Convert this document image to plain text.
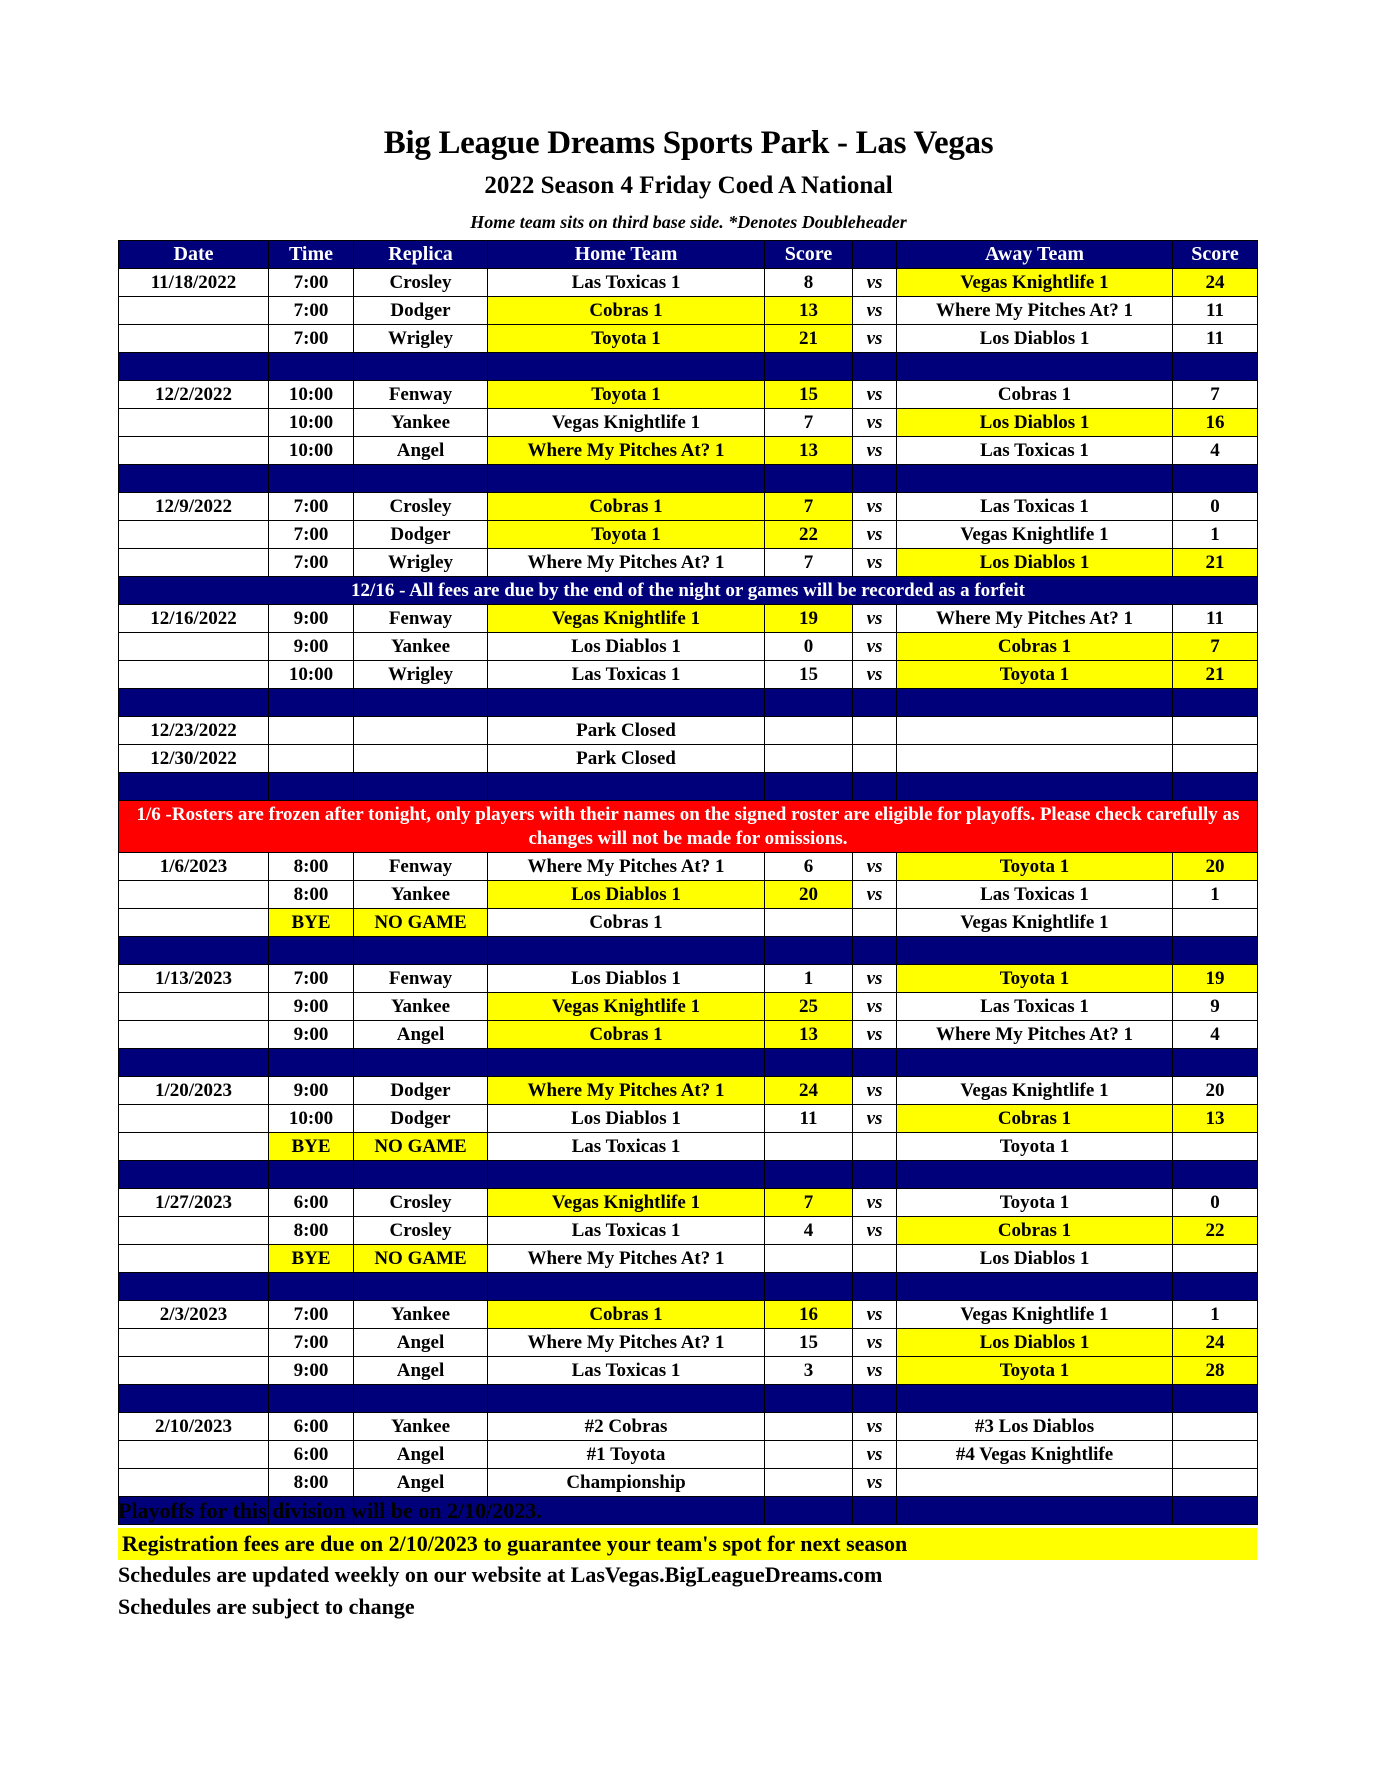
Big League Dreams Sports Park - Las Vegas
2022 Season 4 Friday Coed A National
Home team sits on third base side. *Denotes Doubleheader
Date	Time	Replica	Home Team	Score		Away Team	Score
11/18/2022	7:00	Crosley	Las Toxicas 1	8	vs	Vegas Knightlife 1	24
	7:00	Dodger	Cobras 1	13	vs	Where My Pitches At? 1	11
	7:00	Wrigley	Toyota 1	21	vs	Los Diablos 1	11

12/2/2022	10:00	Fenway	Toyota 1	15	vs	Cobras 1	7
	10:00	Yankee	Vegas Knightlife 1	7	vs	Los Diablos 1	16
	10:00	Angel	Where My Pitches At? 1	13	vs	Las Toxicas 1	4

12/9/2022	7:00	Crosley	Cobras 1	7	vs	Las Toxicas 1	0
	7:00	Dodger	Toyota 1	22	vs	Vegas Knightlife 1	1
	7:00	Wrigley	Where My Pitches At? 1	7	vs	Los Diablos 1	21
12/16 - All fees are due by the end of the night or games will be recorded as a forfeit							
12/16/2022	9:00	Fenway	Vegas Knightlife 1	19	vs	Where My Pitches At? 1	11
	9:00	Yankee	Los Diablos 1	0	vs	Cobras 1	7
	10:00	Wrigley	Las Toxicas 1	15	vs	Toyota 1	21

12/23/2022			Park Closed				
12/30/2022			Park Closed				

1/6 -Rosters are frozen after tonight, only players with their names on the signed roster are eligible for playoffs. Please check carefully as changes will not be made for omissions.							
1/6/2023	8:00	Fenway	Where My Pitches At? 1	6	vs	Toyota 1	20
	8:00	Yankee	Los Diablos 1	20	vs	Las Toxicas 1	1
	BYE	NO GAME	Cobras 1			Vegas Knightlife 1	

1/13/2023	7:00	Fenway	Los Diablos 1	1	vs	Toyota 1	19
	9:00	Yankee	Vegas Knightlife 1	25	vs	Las Toxicas 1	9
	9:00	Angel	Cobras 1	13	vs	Where My Pitches At? 1	4

1/20/2023	9:00	Dodger	Where My Pitches At? 1	24	vs	Vegas Knightlife 1	20
	10:00	Dodger	Los Diablos 1	11	vs	Cobras 1	13
	BYE	NO GAME	Las Toxicas 1			Toyota 1	

1/27/2023	6:00	Crosley	Vegas Knightlife 1	7	vs	Toyota 1	0
	8:00	Crosley	Las Toxicas 1	4	vs	Cobras 1	22
	BYE	NO GAME	Where My Pitches At? 1			Los Diablos 1	

2/3/2023	7:00	Yankee	Cobras 1	16	vs	Vegas Knightlife 1	1
	7:00	Angel	Where My Pitches At? 1	15	vs	Los Diablos 1	24
	9:00	Angel	Las Toxicas 1	3	vs	Toyota 1	28

2/10/2023	6:00	Yankee	#2 Cobras		vs	#3 Los Diablos	
	6:00	Angel	#1 Toyota		vs	#4 Vegas Knightlife	
	8:00	Angel	Championship		vs		

Playoffs for this division will be on 2/10/2023.
Registration fees are due on 2/10/2023 to guarantee your team's spot for next season
Schedules are updated weekly on our website at LasVegas.BigLeagueDreams.com
Schedules are subject to change
